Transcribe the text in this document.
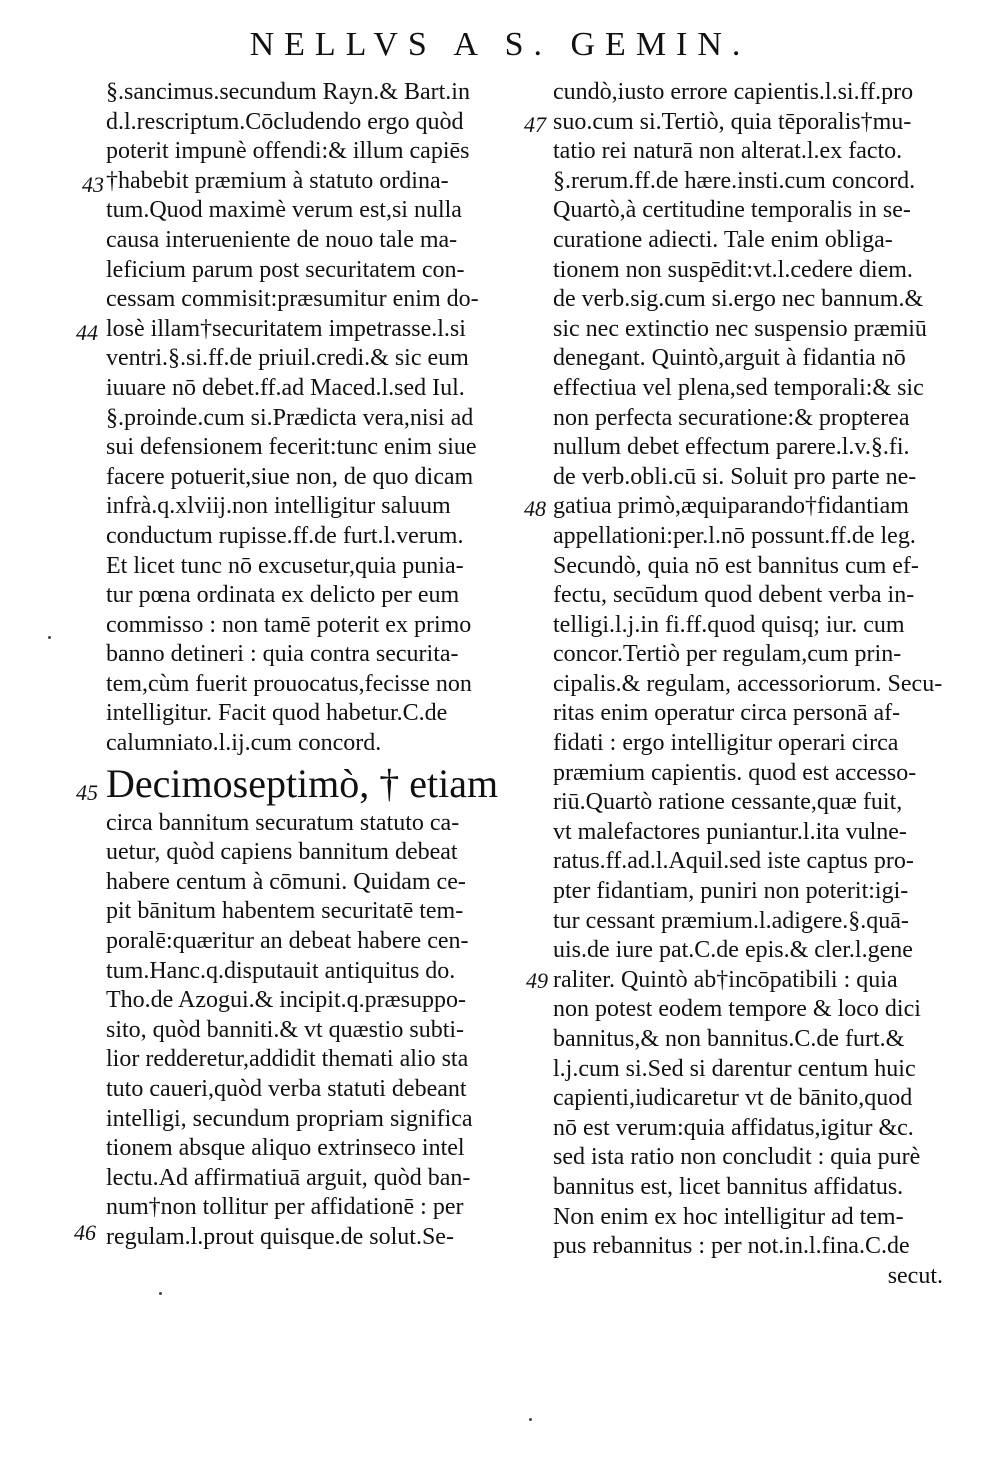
NELLVS A S. GEMIN.
§.sancimus.secundum Rayn.& Bart.in
d.l.rescriptum.Cōcludendo ergo quòd
poterit impunè offendi:& illum capiēs
†habebit præmium à statuto ordina-
tum.Quod maximè verum est,si nulla
causa interueniente de nouo tale ma-
leficium parum post securitatem con-
cessam commisit:præsumitur enim do-
losè illam†securitatem impetrasse.l.si
ventri.§.si.ff.de priuil.credi.& sic eum
iuuare nō debet.ff.ad Maced.l.sed Iul.
§.proinde.cum si.Prædicta vera,nisi ad
sui defensionem fecerit:tunc enim siue
facere potuerit,siue non, de quo dicam
infrà.q.xlviij.non intelligitur saluum
conductum rupisse.ff.de furt.l.verum.
Et licet tunc nō excusetur,quia punia-
tur pœna ordinata ex delicto per eum
commisso : non tamē poterit ex primo
banno detineri : quia contra securita-
tem,cùm fuerit prouocatus,fecisse non
intelligitur. Facit quod habetur.C.de
calumniato.l.ij.cum concord.
Decimoseptimò, † etiam
circa bannitum securatum statuto ca-
uetur, quòd capiens bannitum debeat
habere centum à cōmuni. Quidam ce-
pit bānitum habentem securitatē tem-
poralē:quæritur an debeat habere cen-
tum.Hanc.q.disputauit antiquitus do.
Tho.de Azogui.& incipit.q.præsuppo-
sito, quòd banniti.& vt quæstio subti-
lior redderetur,addidit themati alio sta
tuto caueri,quòd verba statuti debeant
intelligi, secundum propriam significa
tionem absque aliquo extrinseco intel
lectu.Ad affirmatiuā arguit, quòd ban-
num†non tollitur per affidationē : per
regulam.l.prout quisque.de solut.Se-
43
44
45
46
cundò,iusto errore capientis.l.si.ff.pro
suo.cum si.Tertiò, quia tēporalis†mu-
tatio rei naturā non alterat.l.ex facto.
§.rerum.ff.de hære.insti.cum concord.
Quartò,à certitudine temporalis in se-
curatione adiecti. Tale enim obliga-
tionem non suspēdit:vt.l.cedere diem.
de verb.sig.cum si.ergo nec bannum.&
sic nec extinctio nec suspensio præmiū
denegant. Quintò,arguit à fidantia nō
effectiua vel plena,sed temporali:& sic
non perfecta securatione:& propterea
nullum debet effectum parere.l.v.§.fi.
de verb.obli.cū si. Soluit pro parte ne-
gatiua primò,æquiparando†fidantiam
appellationi:per.l.nō possunt.ff.de leg.
Secundò, quia nō est bannitus cum ef-
fectu, secūdum quod debent verba in-
telligi.l.j.in fi.ff.quod quisq; iur. cum
concor.Tertiò per regulam,cum prin-
cipalis.& regulam, accessoriorum. Secu-
ritas enim operatur circa personā af-
fidati : ergo intelligitur operari circa
præmium capientis. quod est accesso-
riū.Quartò ratione cessante,quæ fuit,
vt malefactores puniantur.l.ita vulne-
ratus.ff.ad.l.Aquil.sed iste captus pro-
pter fidantiam, puniri non poterit:igi-
tur cessant præmium.l.adigere.§.quā-
uis.de iure pat.C.de epis.& cler.l.gene
raliter. Quintò ab†incōpatibili : quia
non potest eodem tempore & loco dici
bannitus,& non bannitus.C.de furt.&
l.j.cum si.Sed si darentur centum huic
capienti,iudicaretur vt de bānito,quod
nō est verum:quia affidatus,igitur &c.
sed ista ratio non concludit : quia purè
bannitus est, licet bannitus affidatus.
Non enim ex hoc intelligitur ad tem-
pus rebannitus : per not.in.l.fina.C.de
secut.
47
48
49
